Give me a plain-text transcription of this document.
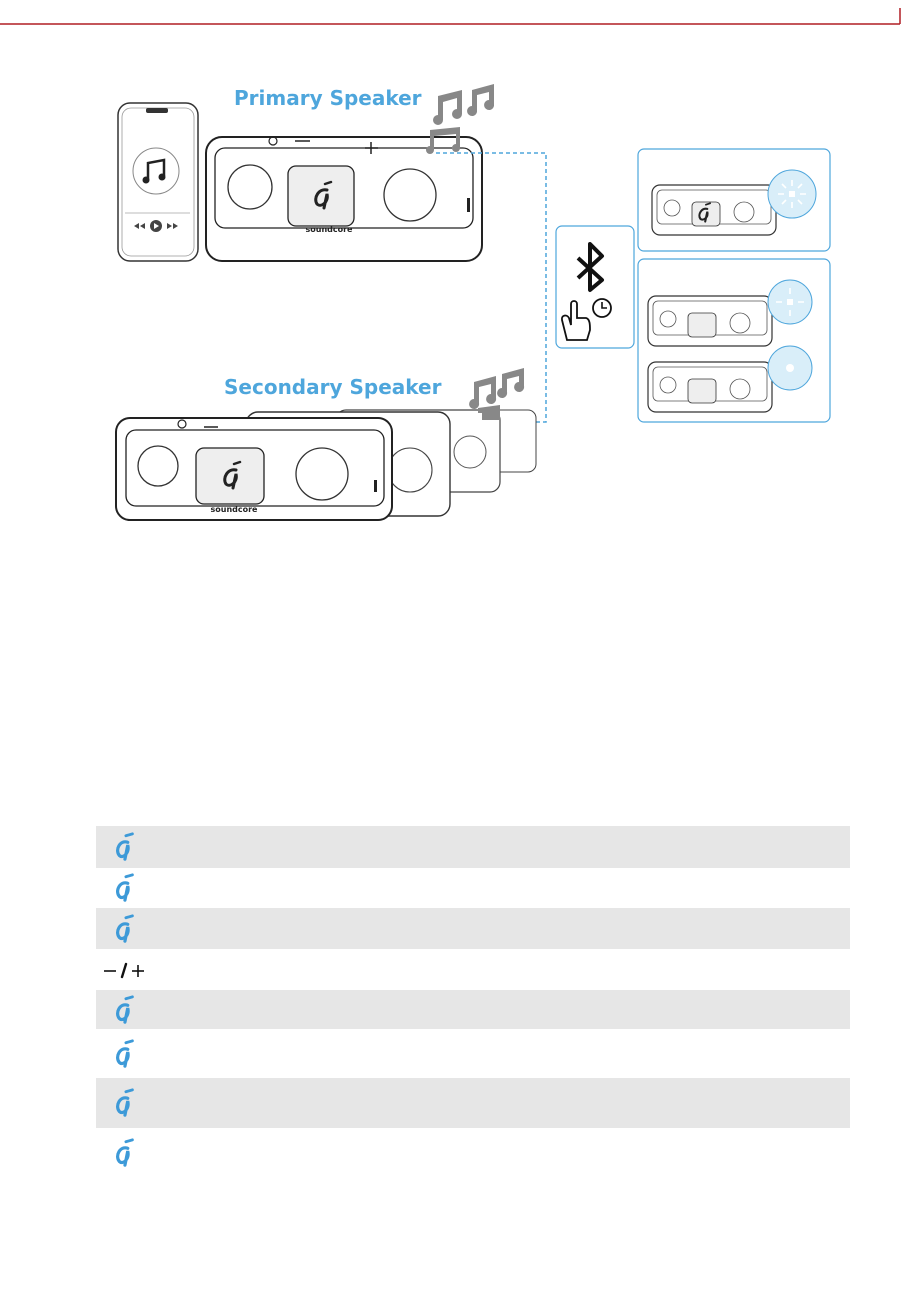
soundcore
soundcore
Primary Speaker
Secondary Speaker
